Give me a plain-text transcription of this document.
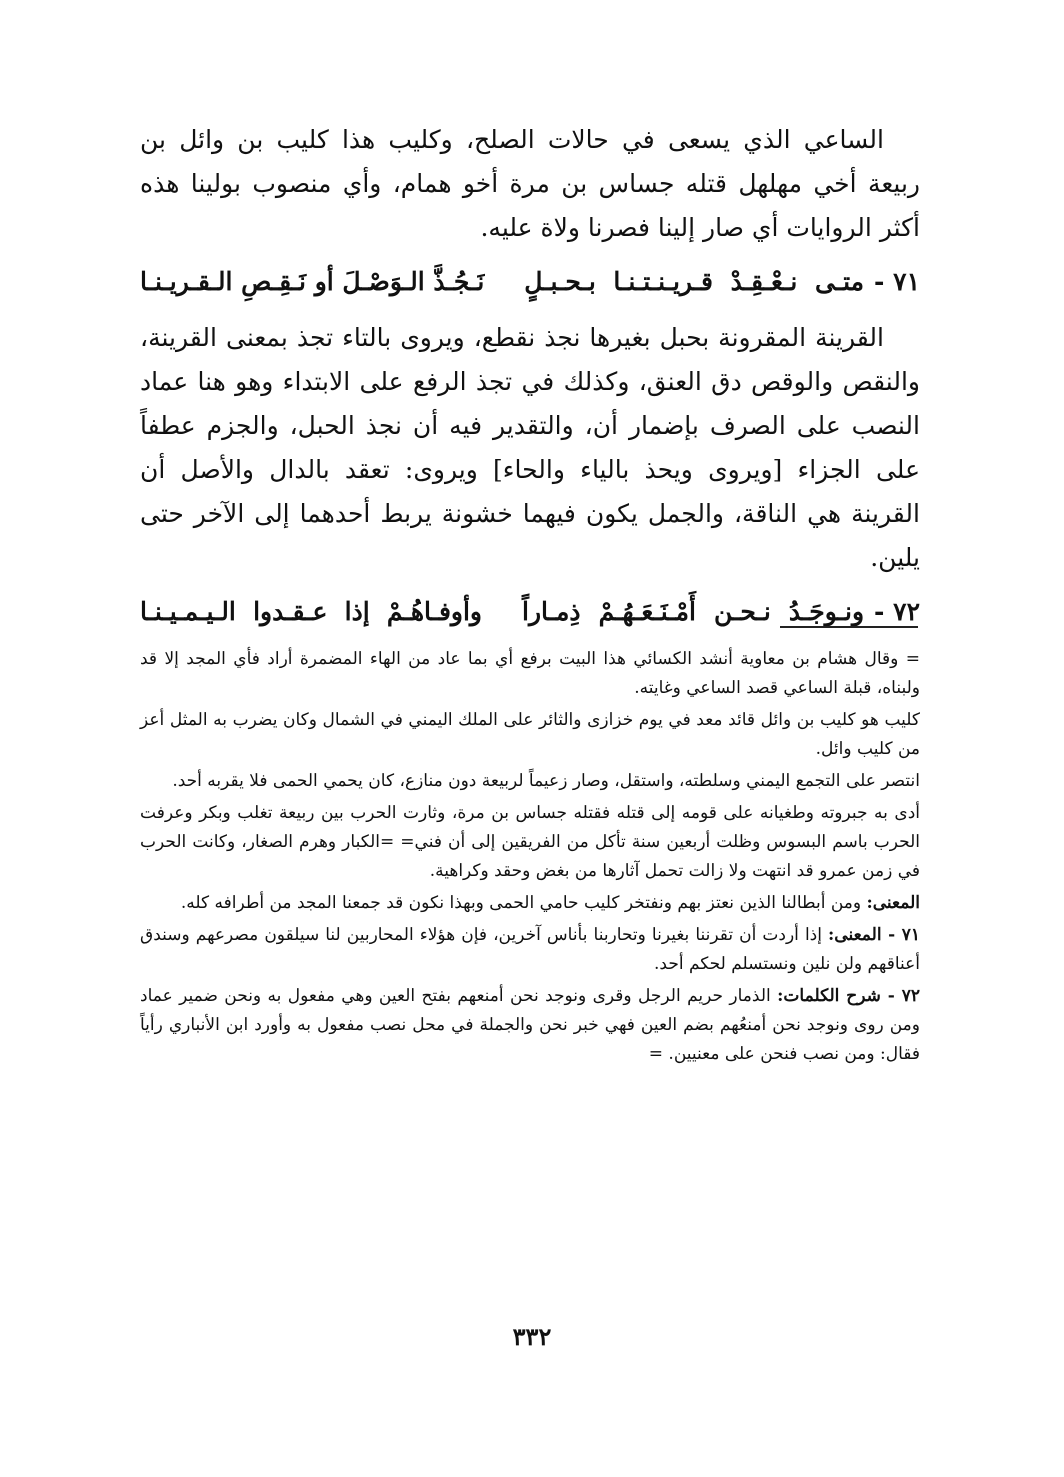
الساعي الذي يسعى في حالات الصلح، وكليب هذا كليب بن وائل بن ربيعة أخي مهلهل قتله جساس بن مرة أخو همام، وأي منصوب بولينا هذه أكثر الروايات أي صار إلينا فصرنا ولاة عليه.

٧١ -
متـى نـعْـقِـدْ قـريـنـتـنـا بـحـبـلٍ
نَـجُـذَّ الـوَصْـلَ أو نَـقِـصِ الـقـريـنـا

القرينة المقرونة بحبل بغيرها نجذ نقطع، ويروى بالتاء تجذ بمعنى القرينة، والنقص والوقص دق العنق، وكذلك في تجذ الرفع على الابتداء وهو هنا عماد النصب على الصرف بإضمار أن، والتقدير فيه أن نجذ الحبل، والجزم عطفاً على الجزاء [ويروى ويحذ بالياء والحاء] ويروى: تعقد بالدال والأصل أن القرينة هي الناقة، والجمل يكون فيهما خشونة يربط أحدهما إلى الآخر حتى يلين.

٧٢ -
ونـوجَـدُ نـحـن أَمْـنَـعَـهُـمْ ذِمـاراً
وأوفـاهُـمْ إذا عـقـدوا الـيـمـيـنـا

= وقال هشام بن معاوية أنشد الكسائي هذا البيت برفع أي بما عاد من الهاء المضمرة أراد فأي المجد إلا قد ولبناه، قبلة الساعي قصد الساعي وغايته.

كليب هو كليب بن وائل قائد معد في يوم خزازى والثائر على الملك اليمني في الشمال وكان يضرب به المثل أعز من كليب وائل.

انتصر على التجمع اليمني وسلطته، واستقل، وصار زعيماً لربيعة دون منازع، كان يحمي الحمى فلا يقربه أحد.

أدى به جبروته وطغيانه على قومه إلى قتله فقتله جساس بن مرة، وثارت الحرب بين ربيعة تغلب وبكر وعرفت الحرب باسم البسوس وظلت أربعين سنة تأكل من الفريقين إلى أن فني= =الكبار وهرم الصغار، وكانت الحرب في زمن عمرو قد انتهت ولا زالت تحمل آثارها من بغض وحقد وكراهية.

المعنى: ومن أبطالنا الذين نعتز بهم ونفتخر كليب حامي الحمى وبهذا نكون قد جمعنا المجد من أطرافه كله.

٧١ - المعنى: إذا أردت أن تقرننا بغيرنا وتحاربنا بأناس آخرين، فإن هؤلاء المحاربين لنا سيلقون مصرعهم وسندق أعناقهم ولن نلين ونستسلم لحكم أحد.

٧٢ - شرح الكلمات: الذمار حريم الرجل وقرى ونوجد نحن أمنعهم بفتح العين وهي مفعول به ونحن ضمير عماد ومن روى ونوجد نحن أمنعُهم بضم العين فهي خبر نحن والجملة في محل نصب مفعول به وأورد ابن الأنباري رأياً فقال: ومن نصب فنحن على معنيين. =

٣٣٢
